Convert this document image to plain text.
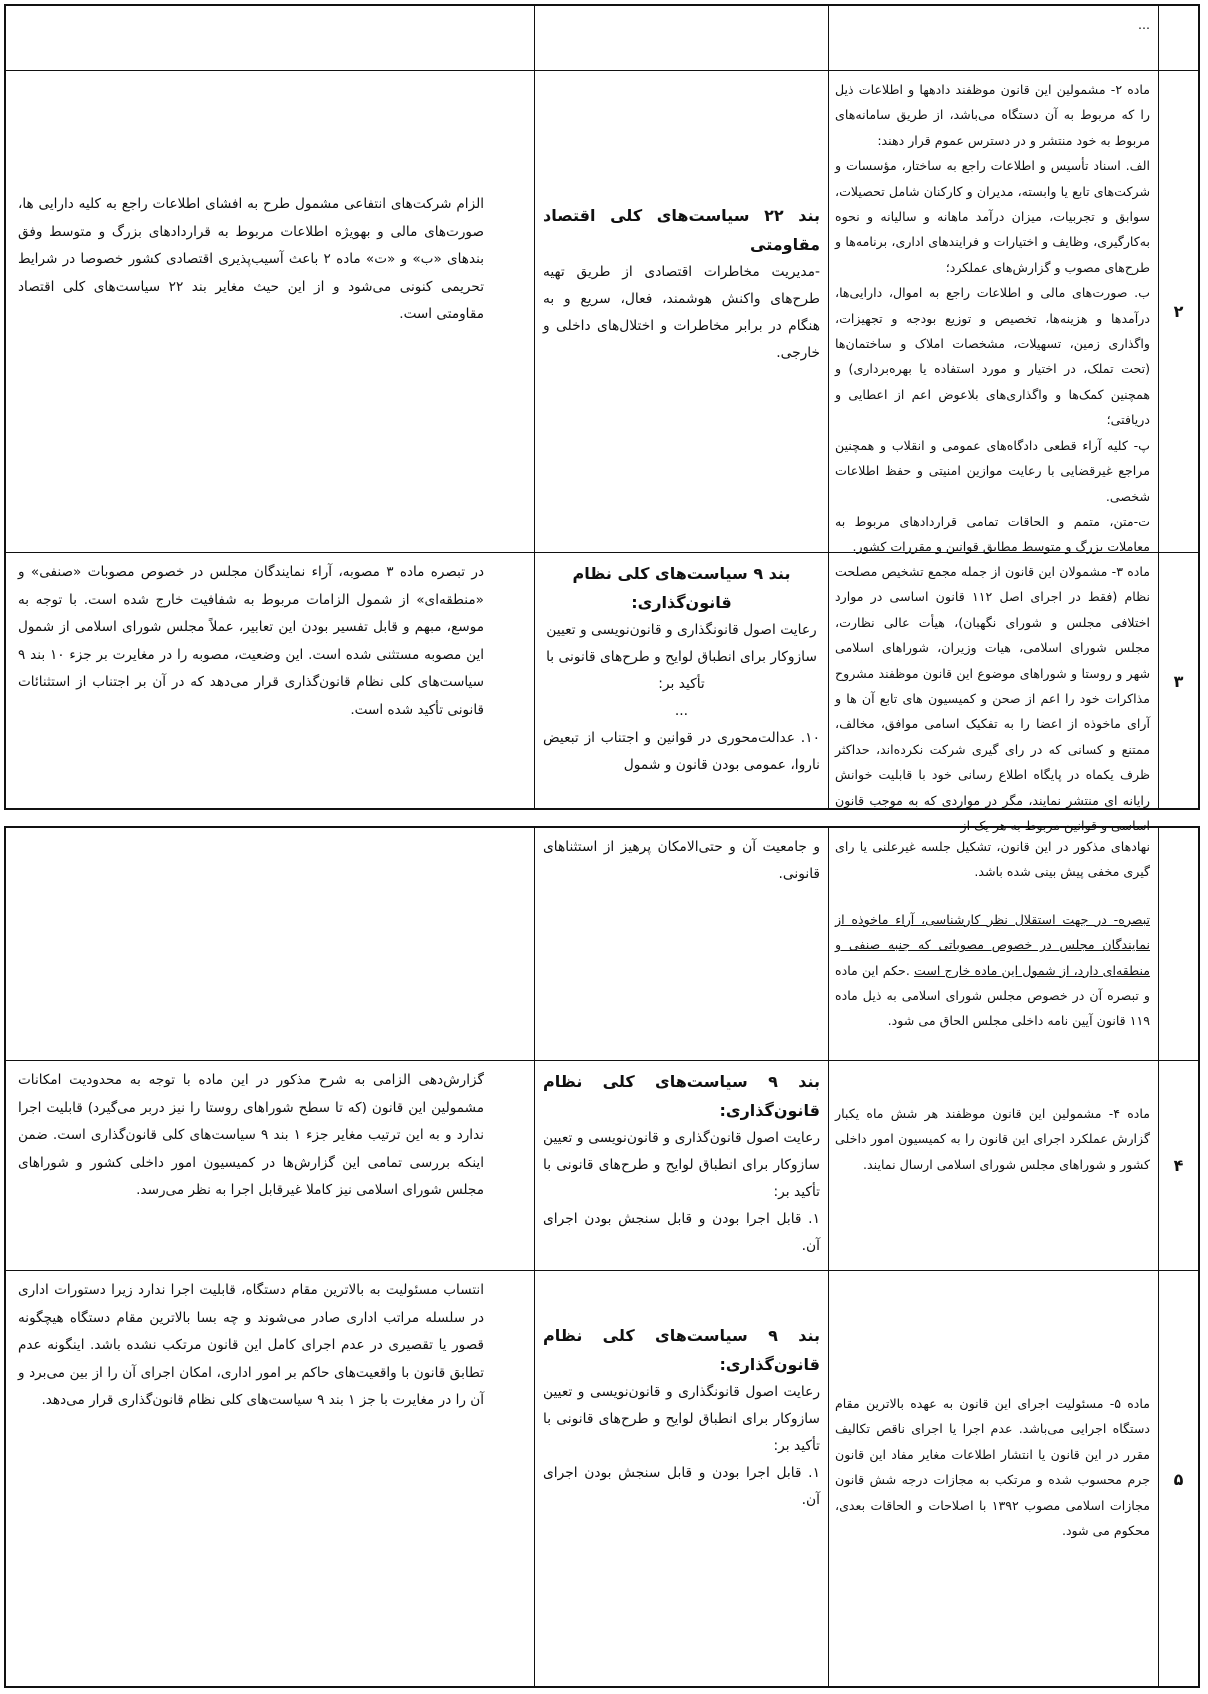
...

۲

ماده ۲- مشمولین این قانون موظفند دادهها و اطلاعات ذیل را که مربوط به آن دستگاه می‌باشد، از طریق سامانه‌های مربوط به خود منتشر و در دسترس عموم قرار دهند:

الف. اسناد تأسیس و اطلاعات راجع به ساختار، مؤسسات و شرکت‌های تابع یا وابسته، مدیران و کارکنان شامل تحصیلات، سوابق و تجربیات، میزان درآمد ماهانه و سالیانه و نحوه به‌کارگیری، وظایف و اختیارات و فرایندهای اداری، برنامه‌ها و طرح‌های مصوب و گزارش‌های عملکرد؛

ب. صورت‌های مالی و اطلاعات راجع به اموال، دارایی‌ها، درآمدها و هزینه‌ها، تخصیص و توزیع بودجه و تجهیزات، واگذاری زمین، تسهیلات، مشخصات املاک و ساختمان‌ها (تحت تملک، در اختیار و مورد استفاده یا بهره‌برداری) و همچنین کمک‌ها و واگذاری‌های بلاعوض اعم از اعطایی و دریافتی؛

پ- کلیه آراء قطعی دادگاه‌های عمومی و انقلاب و همچنین مراجع غیرقضایی با رعایت موازین امنیتی و حفظ اطلاعات شخصی.

ت-متن، متمم و الحاقات تمامی قراردادهای مربوط به معاملات بزرگ و متوسط مطابق قوانین و مقررات کشور.

بند ۲۲ سیاست‌های کلی اقتصاد مقاومتی

-مدیریت مخاطرات اقتصادی از طریق تهیه طرح‌های واکنش هوشمند، فعال، سریع و به هنگام در برابر مخاطرات و اختلال‌های داخلی و خارجی.

الزام شرکت‌های انتفاعی مشمول طرح به افشای اطلاعات راجع به کلیه دارایی ها، صورت‌های مالی و بهویژه اطلاعات مربوط به قراردادهای بزرگ و متوسط وفق بندهای «ب» و «ت» ماده ۲ باعث آسیب‌پذیری اقتصادی کشور خصوصا در شرایط تحریمی کنونی می‌شود و از این حیث مغایر بند ۲۲ سیاست‌های کلی اقتصاد مقاومتی است.

۳

ماده ۳- مشمولان این قانون از جمله مجمع تشخیص مصلحت نظام (فقط در اجرای اصل ۱۱۲ قانون اساسی در موارد اختلافی مجلس و شورای نگهبان)، هیأت عالی نظارت، مجلس شورای اسلامی، هیات وزیران، شوراهای اسلامی شهر و روستا و شوراهای موضوع این قانون موظفند مشروح مذاکرات خود را اعم از صحن و کمیسیون های تابع آن ها و آرای ماخوذه از اعضا را به تفکیک اسامی موافق، مخالف، ممتنع و کسانی که در رای گیری شرکت نکرده‌اند، حداکثر ظرف یکماه در پایگاه اطلاع رسانی خود با قابلیت خوانش رایانه ای منتشر نمایند، مگر در مواردی که به موجب قانون اساسی و قوانین مربوط به هر یک از

بند ۹ سیاست‌های کلی نظام قانون‌گذاری:

رعایت اصول قانونگذاری و قانون‌نویسی و تعیین سازوکار برای انطباق لوایح و طرح‌های قانونی با تأکید بر:

...

۱۰. عدالت‌محوری در قوانین و اجتناب از تبعیض ناروا، عمومی بودن قانون و شمول

در تبصره ماده ۳ مصوبه، آراء نمایندگان مجلس در خصوص مصوبات «صنفی» و «منطقه‌ای» از شمول الزامات مربوط به شفافیت خارج شده است. با توجه به موسع، مبهم و قابل تفسیر بودن این تعابیر، عملاً مجلس شورای اسلامی از شمول این مصوبه مستثنی شده است. این وضعیت، مصوبه را در مغایرت بر جزء ۱۰ بند ۹ سیاست‌های کلی نظام قانون‌گذاری قرار می‌دهد که در آن بر اجتناب از استثنائات قانونی تأکید شده است.

نهادهای مذکور در این قانون، تشکیل جلسه غیرعلنی یا رای گیری مخفی پیش بینی شده باشد.

تبصره- در جهت استقلال نظر کارشناسی، آراء ماخوذه از نمایندگان مجلس در خصوص مصوباتی که جنبه صنفی و منطقه‌ای دارد، از شمول این ماده خارج است .حکم این ماده و تبصره آن در خصوص مجلس شورای اسلامی به ذیل ماده ۱۱۹ قانون آیین نامه داخلی مجلس الحاق می شود.

و جامعیت آن و حتی‌الامکان پرهیز از استثناهای قانونی.

۴

ماده ۴- مشمولین این قانون موظفند هر شش ماه یکبار گزارش عملکرد اجرای این قانون را به کمیسیون امور داخلی کشور و شوراهای مجلس شورای اسلامی ارسال نمایند.

بند ۹ سیاست‌های کلی نظام قانون‌گذاری:

رعایت اصول قانون‌گذاری و قانون‌نویسی و تعیین سازوکار برای انطباق لوایح و طرح‌های قانونی با تأکید بر:

۱. قابل اجرا بودن و قابل سنجش بودن اجرای آن.

گزارش‌دهی الزامی به شرح مذکور در این ماده با توجه به محدودیت امکانات مشمولین این قانون (که تا سطح شوراهای روستا را نیز دربر می‌گیرد) قابلیت اجرا ندارد و به این ترتیب مغایر جزء ۱ بند ۹ سیاست‌های کلی قانون‌گذاری است. ضمن اینکه بررسی تمامی این گزارش‌ها در کمیسیون امور داخلی کشور و شوراهای مجلس شورای اسلامی نیز کاملا غیرقابل اجرا به نظر می‌رسد.

۵

ماده ۵- مسئولیت اجرای این قانون به عهده بالاترین مقام دستگاه اجرایی می‌باشد. عدم اجرا یا اجرای ناقص تکالیف مقرر در این قانون یا انتشار اطلاعات مغایر مفاد این قانون جرم محسوب شده و مرتکب به مجازات درجه شش قانون مجازات اسلامی مصوب ۱۳۹۲ با اصلاحات و الحاقات بعدی، محکوم می شود.

بند ۹ سیاست‌های کلی نظام قانون‌گذاری:

رعایت اصول قانونگذاری و قانون‌نویسی و تعیین سازوکار برای انطباق لوایح و طرح‌های قانونی با تأکید بر:

۱. قابل اجرا بودن و قابل سنجش بودن اجرای آن.

انتساب مسئولیت به بالاترین مقام دستگاه، قابلیت اجرا ندارد زیرا دستورات اداری در سلسله مراتب اداری صادر می‌شوند و چه بسا بالاترین مقام دستگاه هیچگونه قصور یا تقصیری در عدم اجرای کامل این قانون مرتکب نشده باشد. اینگونه عدم تطابق قانون با واقعیت‌های حاکم بر امور اداری، امکان اجرای آن را از بین می‌برد و آن را در مغایرت با جز ۱ بند ۹ سیاست‌های کلی نظام قانون‌گذاری قرار می‌دهد.
